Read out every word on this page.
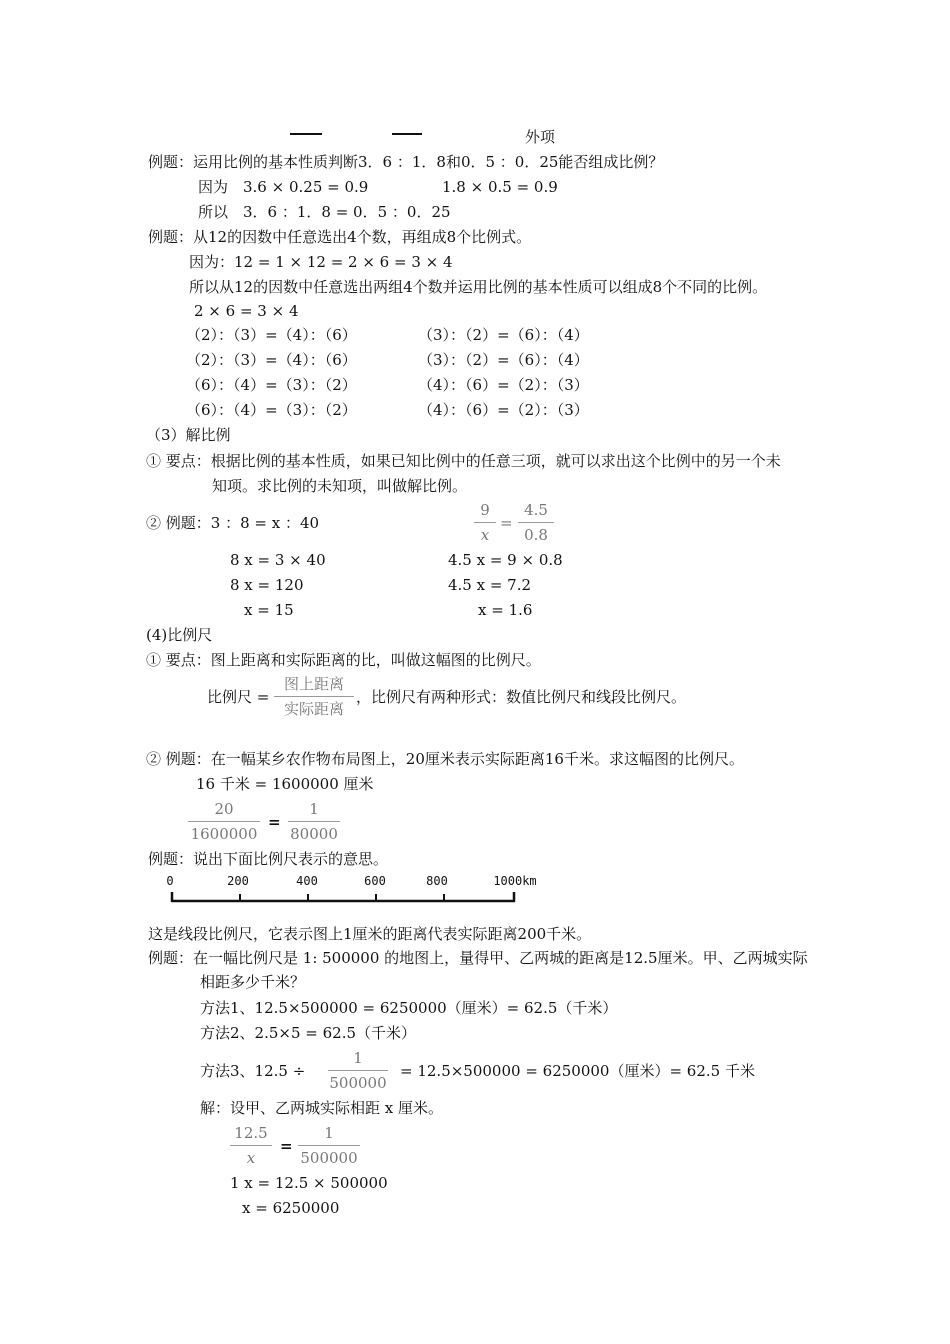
外项
例题：运用比例的基本性质判断3．6 ：1．8和0．5 ：0．25能否组成比例？
因为　3.6 × 0.25 = 0.9	1.8 × 0.5 = 0.9
所以　3．6 ：1．8 = 0．5 ：0．25
例题：从12的因数中任意选出4个数，再组成8个比例式。
因为：12 = 1 × 12 = 2 × 6 = 3 × 4
所以从12的因数中任意选出两组4个数并运用比例的基本性质可以组成8个不同的比例。
2 × 6 = 3 × 4
（2）：（3）=（4）：（6）	（3）：（2）=（6）：（4）
（2）：（3）=（4）：（6）	（3）：（2）=（6）：（4）
（6）：（4）=（3）：（2）	（4）：（6）=（2）：（3）
（6）：（4）=（3）：（2）	（4）：（6）=（2）：（3）
（3）解比例
① 要点：根据比例的基本性质，如果已知比例中的任意三项，就可以求出这个比例中的另一个未
知项。求比例的未知项，叫做解比例。
② 例题：3 ：8 = x ：40	$\frac{9}{x} = \frac{4.5}{0.8}$
8 x = 3 × 40
8 x = 120
x = 15
4.5 x = 9 × 0.8
4.5 x = 7.2
x = 1.6
(4)比例尺
① 要点：图上距离和实际距离的比，叫做这幅图的比例尺。
比例尺 =
图上距离
实际距离
，比例尺有两种形式：数值比例尺和线段比例尺。
② 例题：在一幅某乡农作物布局图上，20厘米表示实际距离16千米。求这幅图的比例尺。
16 千米 = 1600000 厘米
$\frac{20}{1600000} = \frac{1}{80000}$
例题：说出下面比例尺表示的意思。
0	200	400	600	800	1000km
这是线段比例尺，它表示图上1厘米的距离代表实际距离200千米。
例题：在一幅比例尺是 1: 500000 的地图上，量得甲、乙两城的距离是12.5厘米。甲、乙两城实际
相距多少千米？
方法1、12.5×500000 = 6250000（厘米）= 62.5（千米）
方法2、2.5×5 = 62.5（千米）
方法3、$12.5 \div \frac{1}{500000} = 12.5\times 500000 = 6250000$（厘米）= 62.5 千米
解：设甲、乙两城实际相距 x 厘米。
$\frac{12.5}{x} = \frac{1}{500000}$
1 x = 12.5 × 500000
x = 6250000
